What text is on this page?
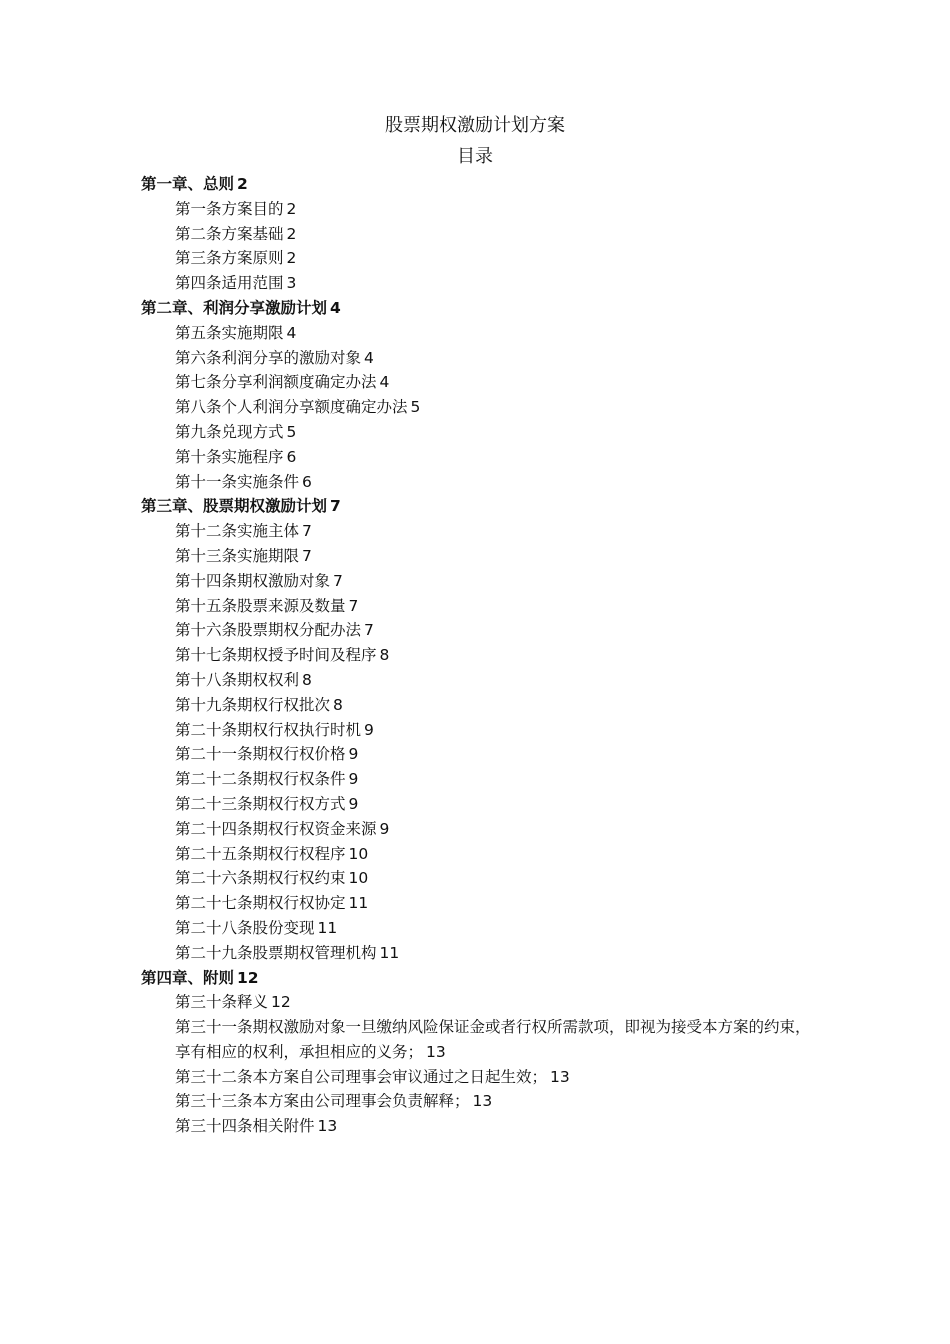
股票期权激励计划方案
目录
第一章、总则 2
第一条方案目的 2
第二条方案基础 2
第三条方案原则 2
第四条适用范围 3
第二章、利润分享激励计划 4
第五条实施期限 4
第六条利润分享的激励对象 4
第七条分享利润额度确定办法 4
第八条个人利润分享额度确定办法 5
第九条兑现方式 5
第十条实施程序 6
第十一条实施条件 6
第三章、股票期权激励计划 7
第十二条实施主体 7
第十三条实施期限 7
第十四条期权激励对象 7
第十五条股票来源及数量 7
第十六条股票期权分配办法 7
第十七条期权授予时间及程序 8
第十八条期权权利 8
第十九条期权行权批次 8
第二十条期权行权执行时机 9
第二十一条期权行权价格 9
第二十二条期权行权条件 9
第二十三条期权行权方式 9
第二十四条期权行权资金来源 9
第二十五条期权行权程序 10
第二十六条期权行权约束 10
第二十七条期权行权协定 11
第二十八条股份变现 11
第二十九条股票期权管理机构 11
第四章、附则 12
第三十条释义 12
第三十一条期权激励对象一旦缴纳风险保证金或者行权所需款项，即视为接受本方案的约束，享有相应的权利，承担相应的义务； 13
第三十二条本方案自公司理事会审议通过之日起生效； 13
第三十三条本方案由公司理事会负责解释； 13
第三十四条相关附件 13
